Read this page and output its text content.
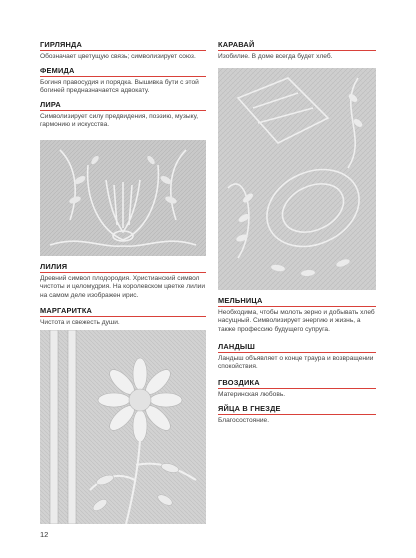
ГИРЛЯНДА
Обозначает цветущую связь; символизирует союз.
ФЕМИДА
Богиня правосудия и порядка. Вышивка бути с этой богиней предназначается адвокату.
ЛИРА
Символизирует силу предвидения, поэзию, музыку, гармонию и искусства.
ЛИЛИЯ
Древний символ плодородия. Христианский символ чистоты и целомудрия. На королевском цветке лилии на самом деле изображен ирис.
МАРГАРИТКА
Чистота и свежесть души.
КАРАВАЙ
Изобилие. В доме всегда будет хлеб.
МЕЛЬНИЦА
Необходима, чтобы молоть зерно и добывать хлеб насущный. Символизирует энергию и жизнь, а также профессию будущего супруга.
ЛАНДЫШ
Ландыш объявляет о конце траура и возвращении спокойствия.
ГВОЗДИКА
Материнская любовь.
ЯЙЦА В ГНЕЗДЕ
Благосостояние.
12
